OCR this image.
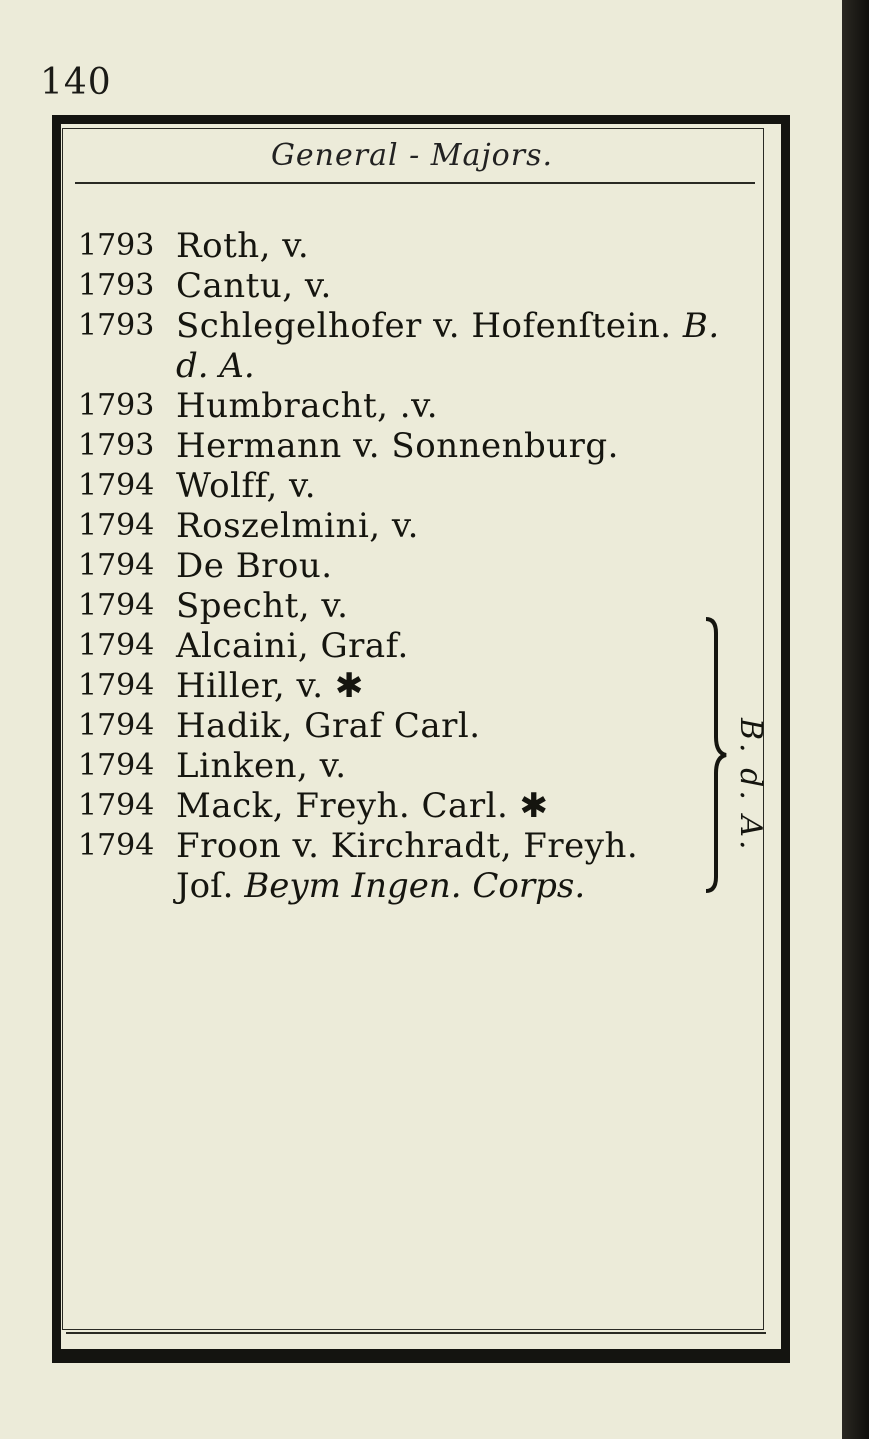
140
General - Majors.
1793 Roth, v.
1793 Cantu, v.
1793 Schlegelhofer v. Hofenſtein. B.
d. A.
1793 Humbracht, .v.
1793 Hermann v. Sonnenburg.
1794 Wolff, v.
1794 Roszelmini, v.
1794 De Brou.
1794 Specht, v.
1794 Alcaini, Graf.
1794 Hiller, v. ✱
1794 Hadik, Graf Carl.
1794 Linken, v.
1794 Mack, Freyh. Carl. ✱
1794 Froon v. Kirchradt, Freyh.
Joſ. Beym Ingen. Corps.
B. d. A.
